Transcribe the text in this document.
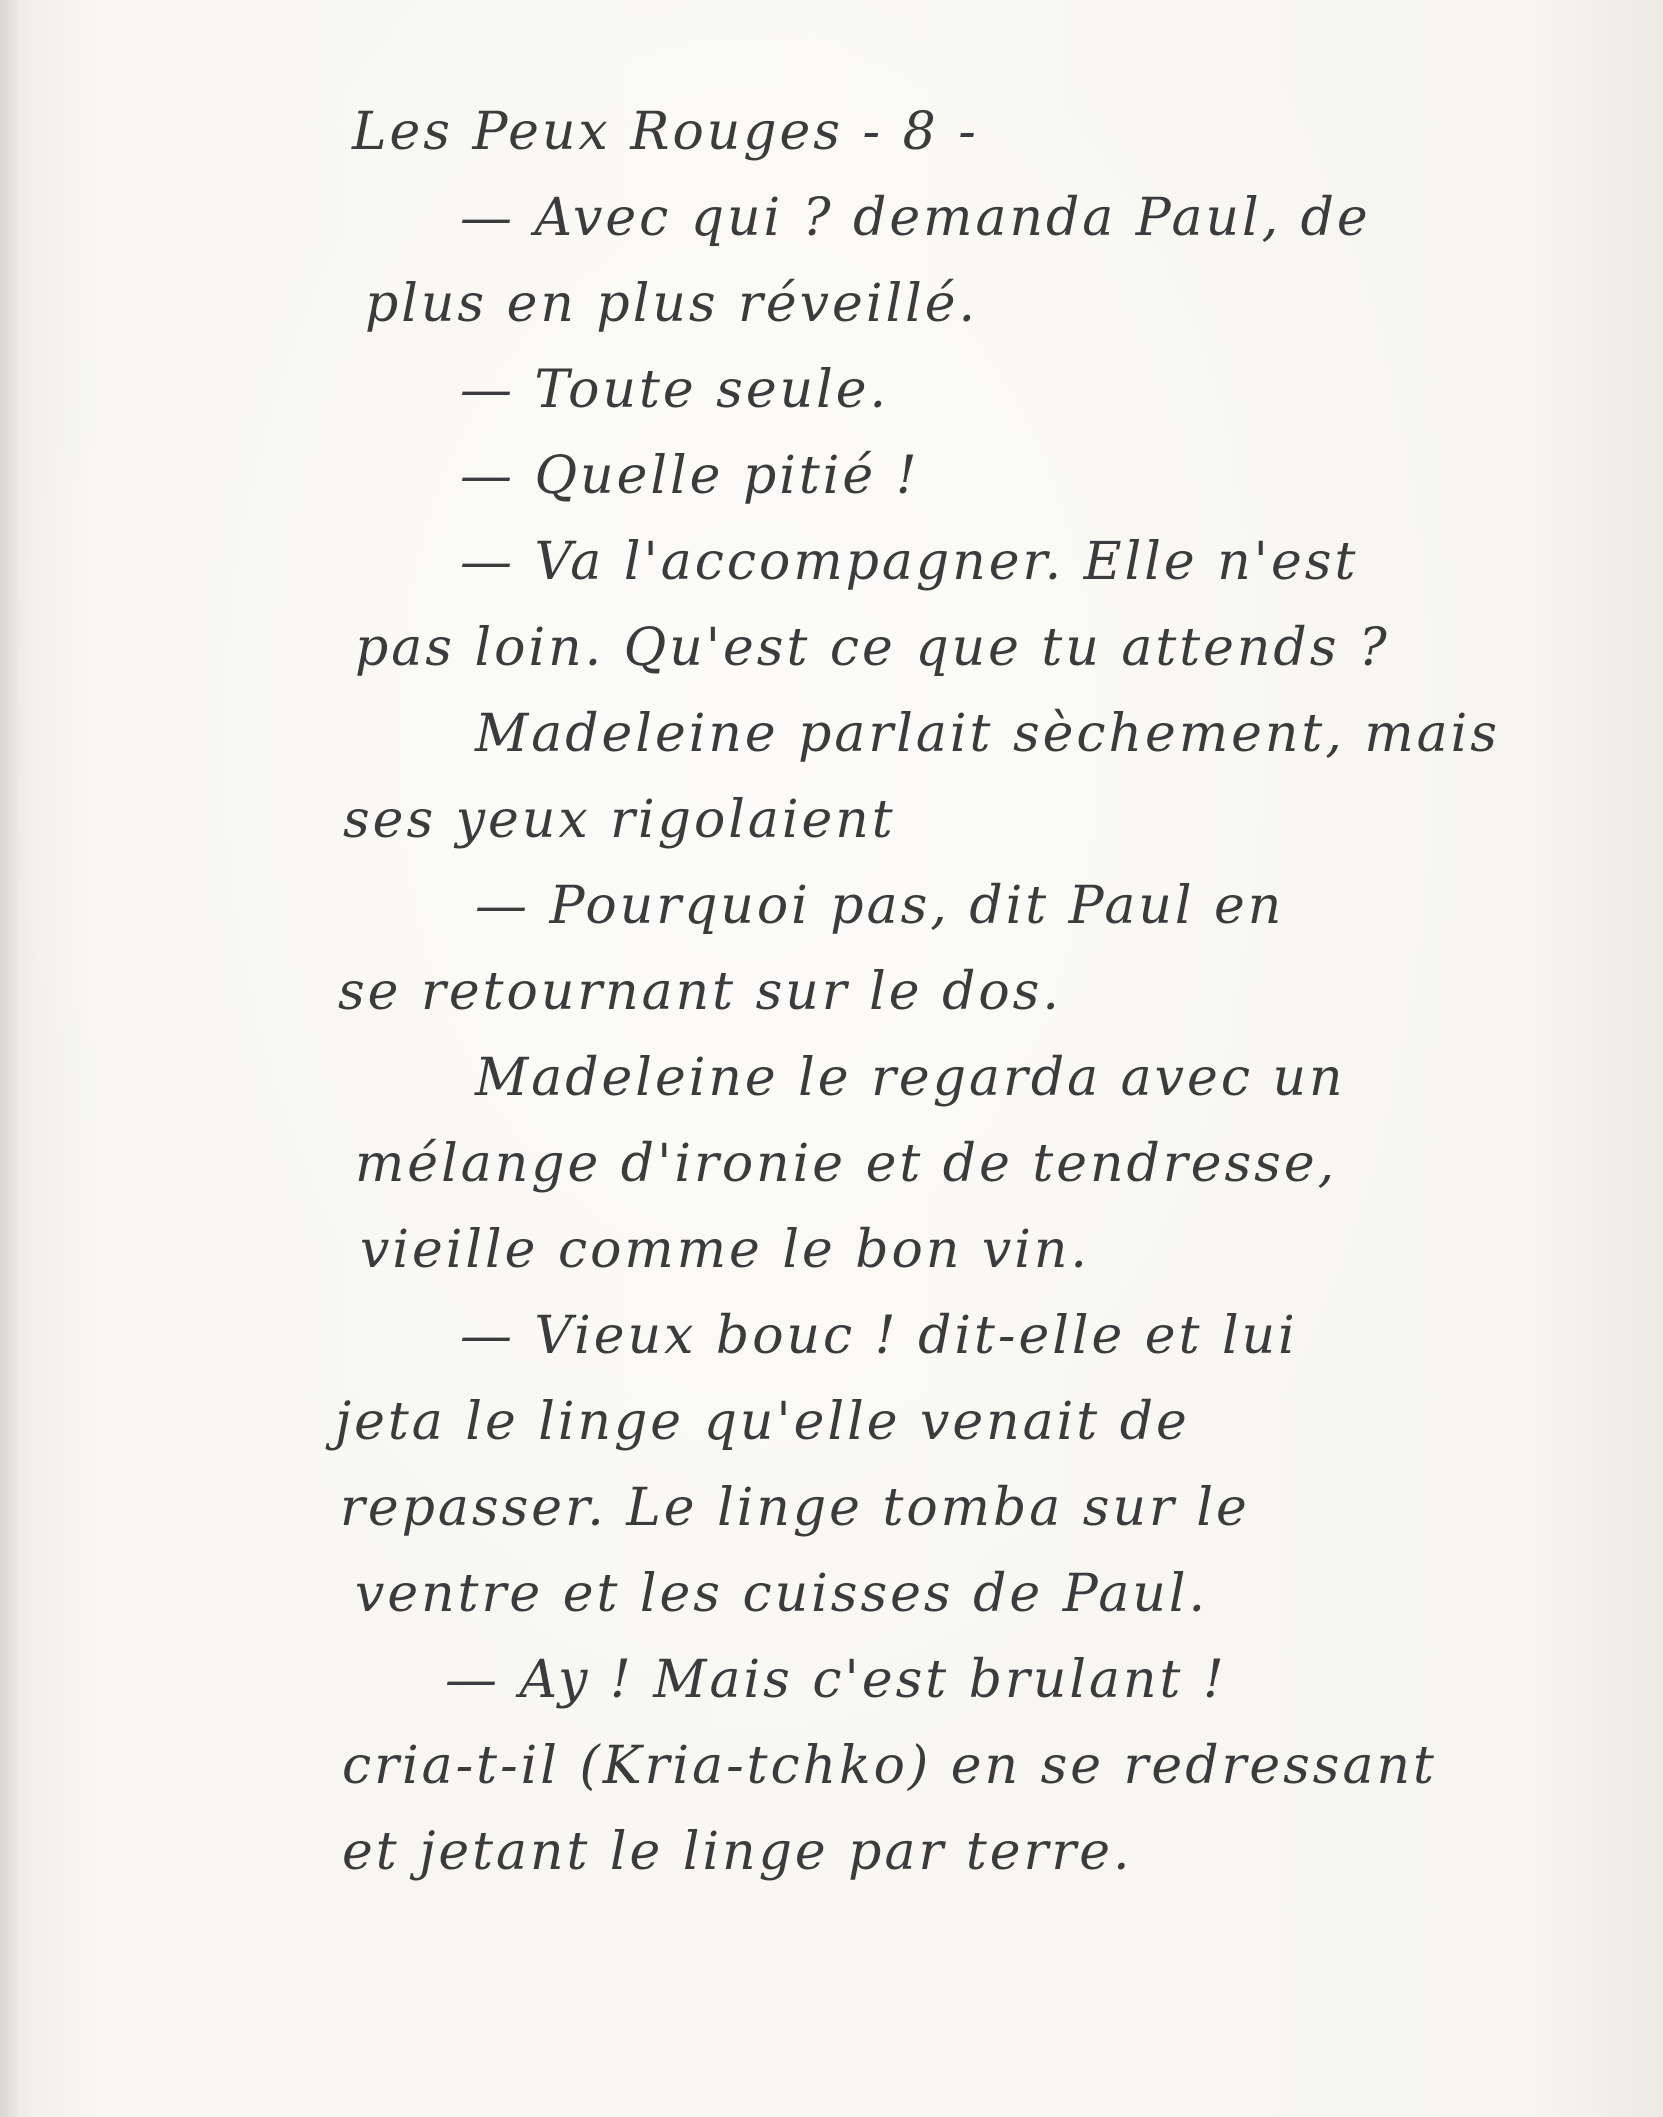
Les Peux Rouges - 8 -
— Avec qui ? demanda Paul, de
plus en plus réveillé.
— Toute seule.
— Quelle pitié !
— Va l'accompagner. Elle n'est
pas loin. Qu'est ce que tu attends ?
Madeleine parlait sèchement, mais
ses yeux rigolaient
— Pourquoi pas, dit Paul en
se retournant sur le dos.
Madeleine le regarda avec un
mélange d'ironie et de tendresse,
vieille comme le bon vin.
— Vieux bouc ! dit-elle et lui
jeta le linge qu'elle venait de
repasser. Le linge tomba sur le
ventre et les cuisses de Paul.
— Ay ! Mais c'est brulant !
cria-t-il (Kria-tchko) en se redressant
et jetant le linge par terre.
